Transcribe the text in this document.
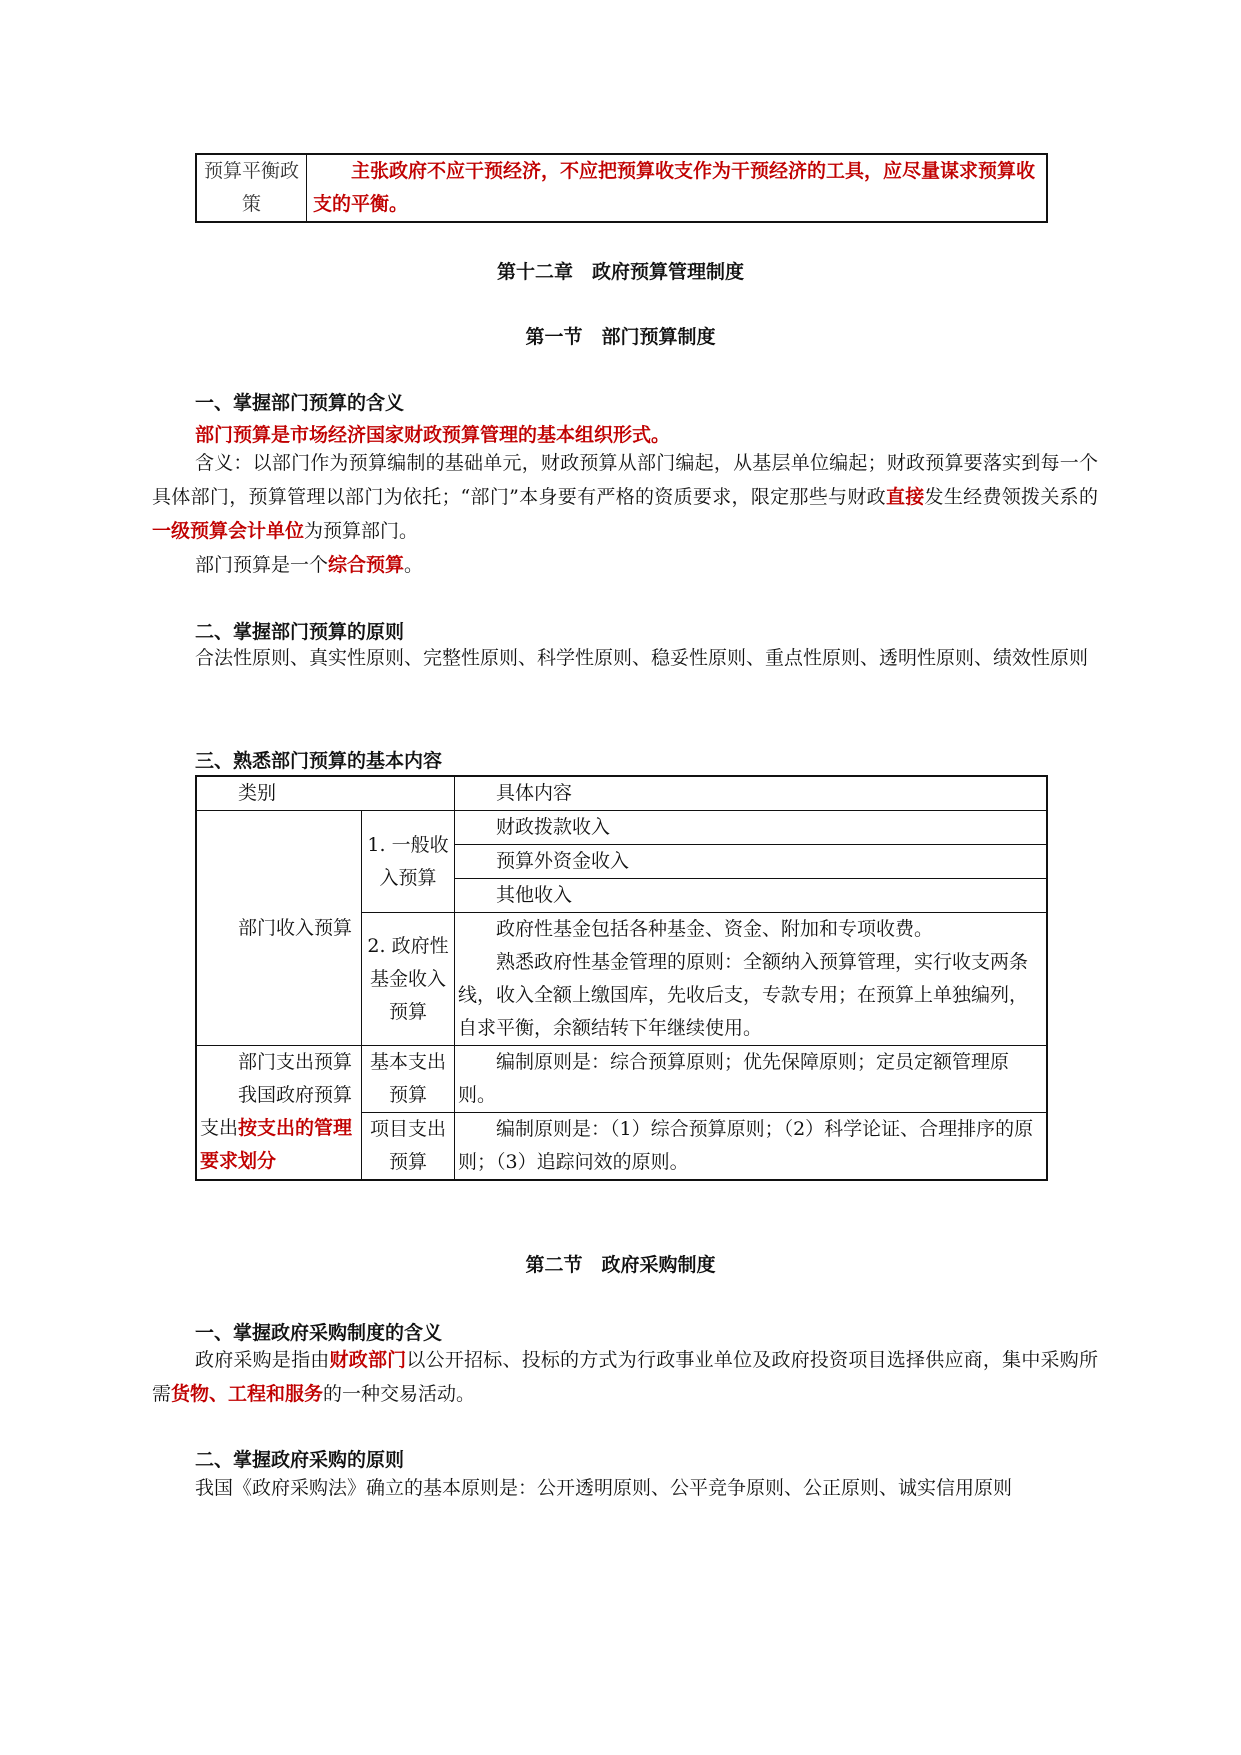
预算平衡政策	主张政府不应干预经济，不应把预算收支作为干预经济的工具，应尽量谋求预算收支的平衡。
第十二章　政府预算管理制度
第一节　部门预算制度
一、掌握部门预算的含义
部门预算是市场经济国家财政预算管理的基本组织形式。
含义：以部门作为预算编制的基础单元，财政预算从部门编起，从基层单位编起；财政预算要落实到每一个具体部门，预算管理以部门为依托；“部门”本身要有严格的资质要求，限定那些与财政直接发生经费领拨关系的一级预算会计单位为预算部门。
部门预算是一个综合预算。
二、掌握部门预算的原则
合法性原则、真实性原则、完整性原则、科学性原则、稳妥性原则、重点性原则、透明性原则、绩效性原则
三、熟悉部门预算的基本内容
类别		具体内容
部门收入预算	1. 一般收入预算	财政拨款收入
		预算外资金收入
		其他收入
	2. 政府性基金收入预算	政府性基金包括各种基金、资金、附加和专项收费。
熟悉政府性基金管理的原则：全额纳入预算管理，实行收支两条线，收入全额上缴国库，先收后支，专款专用；在预算上单独编列，自求平衡，余额结转下年继续使用。

部门支出预算
我国政府预算支出按支出的管理要求划分	基本支出预算	编制原则是：综合预算原则；优先保障原则；定员定额管理原则。
	项目支出预算	编制原则是：（1）综合预算原则；（2）科学论证、合理排序的原则；（3）追踪问效的原则。
第二节　政府采购制度
一、掌握政府采购制度的含义
政府采购是指由财政部门以公开招标、投标的方式为行政事业单位及政府投资项目选择供应商，集中采购所需货物、工程和服务的一种交易活动。
二、掌握政府采购的原则
我国《政府采购法》确立的基本原则是：公开透明原则、公平竞争原则、公正原则、诚实信用原则
